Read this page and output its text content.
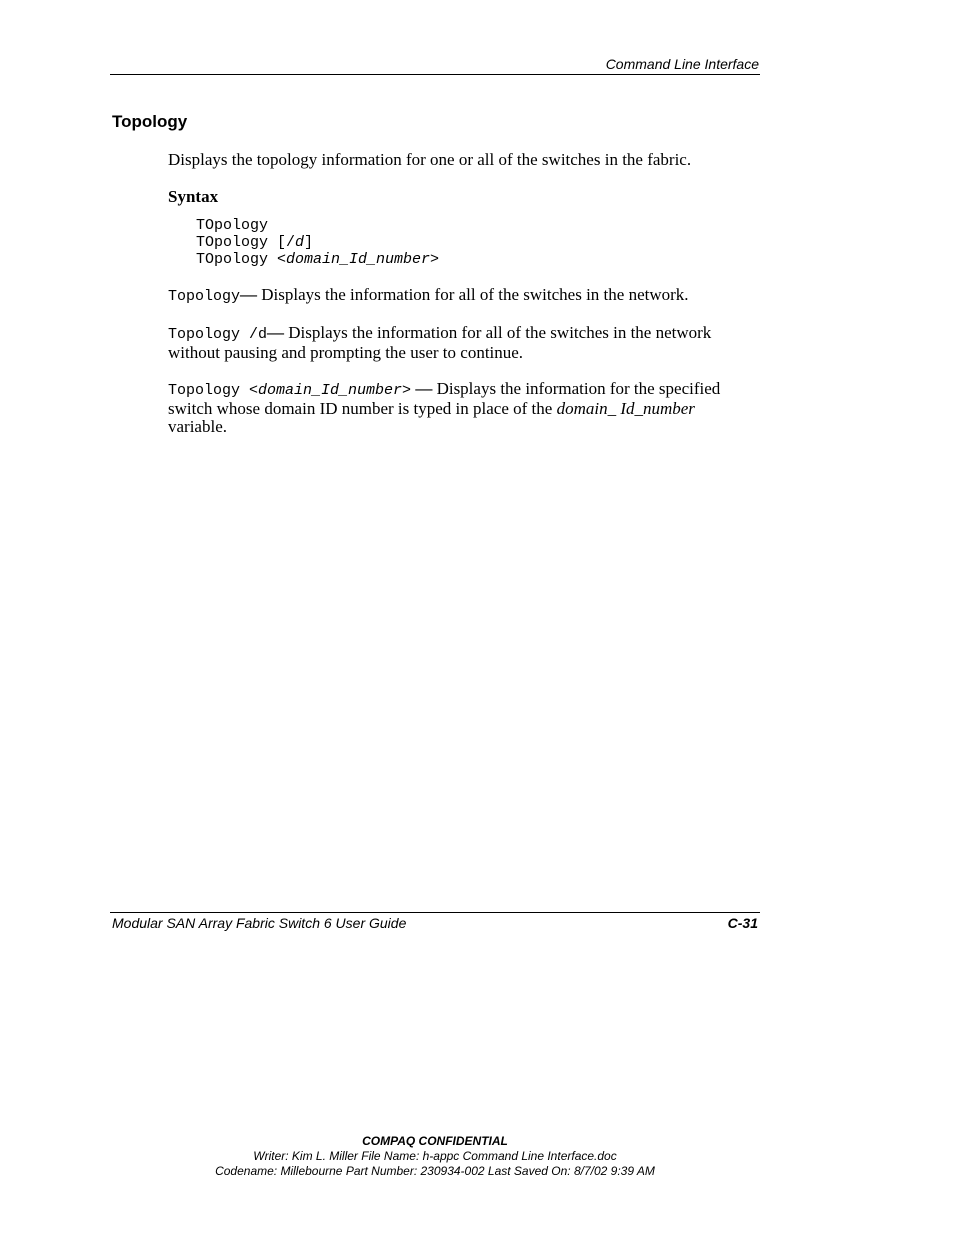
Command Line Interface
Topology
Displays the topology information for one or all of the switches in the fabric.
Syntax
TOpology
TOpology [/d]
TOpology <domain_Id_number>
Topology— Displays the information for all of the switches in the network.
Topology /d— Displays the information for all of the switches in the network without pausing and prompting the user to continue.
Topology <domain_Id_number> — Displays the information for the specified switch whose domain ID number is typed in place of the domain_ Id_number variable.
Modular SAN Array Fabric Switch 6 User Guide	C-31
COMPAQ CONFIDENTIAL
Writer: Kim L. Miller File Name: h-appc Command Line Interface.doc
Codename: Millebourne Part Number: 230934-002 Last Saved On: 8/7/02 9:39 AM
